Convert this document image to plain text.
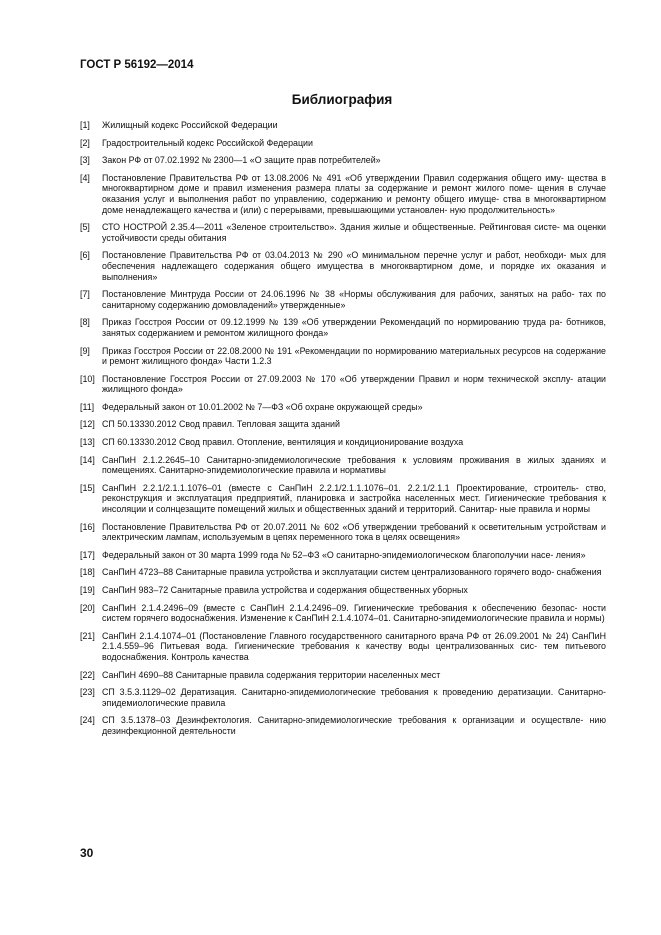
ГОСТ Р 56192—2014
Библиография
[1]	Жилищный кодекс Российской Федерации
[2]	Градостроительный кодекс Российской Федерации
[3]	Закон РФ от 07.02.1992 № 2300—1 «О защите прав потребителей»
[4]	Постановление Правительства РФ от 13.08.2006 № 491 «Об утверждении Правил содержания общего иму- щества в многоквартирном доме и правил изменения размера платы за содержание и ремонт жилого поме- щения в случае оказания услуг и выполнения работ по управлению, содержанию и ремонту общего имуще- ства в многоквартирном доме ненадлежащего качества и (или) с перерывами, превышающими установлен- ную продолжительность»
[5]	СТО НОСТРОЙ 2.35.4—2011 «Зеленое строительство». Здания жилые и общественные. Рейтинговая систе- ма оценки устойчивости среды обитания
[6]	Постановление Правительства РФ от 03.04.2013 № 290 «О минимальном перечне услуг и работ, необходи- мых для обеспечения надлежащего содержания общего имущества в многоквартирном доме, и порядке их оказания и выполнения»
[7]	Постановление Минтруда России от 24.06.1996 № 38 «Нормы обслуживания для рабочих, занятых на рабо- тах по санитарному содержанию домовладений» утвержденные»
[8]	Приказ Госстроя России от 09.12.1999 № 139 «Об утверждении Рекомендаций по нормированию труда ра- ботников, занятых содержанием и ремонтом жилищного фонда»
[9]	Приказ Госстроя России от 22.08.2000 № 191 «Рекомендации по нормированию материальных ресурсов на содержание и ремонт жилищного фонда» Части 1.2.3
[10] Постановление Госстроя России от 27.09.2003 № 170 «Об утверждении Правил и норм технической эксплу- атации жилищного фонда»
[11] Федеральный закон от 10.01.2002 № 7—ФЗ «Об охране окружающей среды»
[12] СП 50.13330.2012 Свод правил. Тепловая защита зданий
[13] СП 60.13330.2012 Свод правил. Отопление, вентиляция и кондиционирование воздуха
[14] СанПиН 2.1.2.2645–10 Санитарно-эпидемиологические требования к условиям проживания в жилых зданиях и помещениях. Санитарно-эпидемиологические правила и нормативы
[15] СанПиН 2.2.1/2.1.1.1076–01 (вместе с СанПиН 2.2.1/2.1.1.1076–01. 2.2.1/2.1.1 Проектирование, строитель- ство, реконструкция и эксплуатация предприятий, планировка и застройка населенных мест. Гигиенические требования к инсоляции и солнцезащите помещений жилых и общественных зданий и территорий. Санитар- ные правила и нормы
[16] Постановление Правительства РФ от 20.07.2011 № 602 «Об утверждении требований к осветительным устройствам и электрическим лампам, используемым в цепях переменного тока в целях освещения»
[17] Федеральный закон от 30 марта 1999 года № 52–ФЗ «О санитарно-эпидемиологическом благополучии насе- ления»
[18] СанПиН 4723–88 Санитарные правила устройства и эксплуатации систем централизованного горячего водо- снабжения
[19] СанПиН 983–72 Санитарные правила устройства и содержания общественных уборных
[20] СанПиН 2.1.4.2496–09 (вместе с СанПиН 2.1.4.2496–09. Гигиенические требования к обеспечению безопас- ности систем горячего водоснабжения. Изменение к СанПиН 2.1.4.1074–01. Санитарно-эпидемиологические правила и нормы)
[21] СанПиН 2.1.4.1074–01 (Постановление Главного государственного санитарного врача РФ от 26.09.2001 № 24) СанПиН 2.1.4.559–96 Питьевая вода. Гигиенические требования к качеству воды централизованных сис- тем питьевого водоснабжения. Контроль качества
[22] СанПиН 4690–88 Санитарные правила содержания территории населенных мест
[23] СП 3.5.3.1129–02 Дератизация. Санитарно-эпидемиологические требования к проведению дератизации. Санитарно-эпидемиологические правила
[24] СП 3.5.1378–03 Дезинфектология. Санитарно-эпидемиологические требования к организации и осуществле- нию дезинфекционной деятельности
30
